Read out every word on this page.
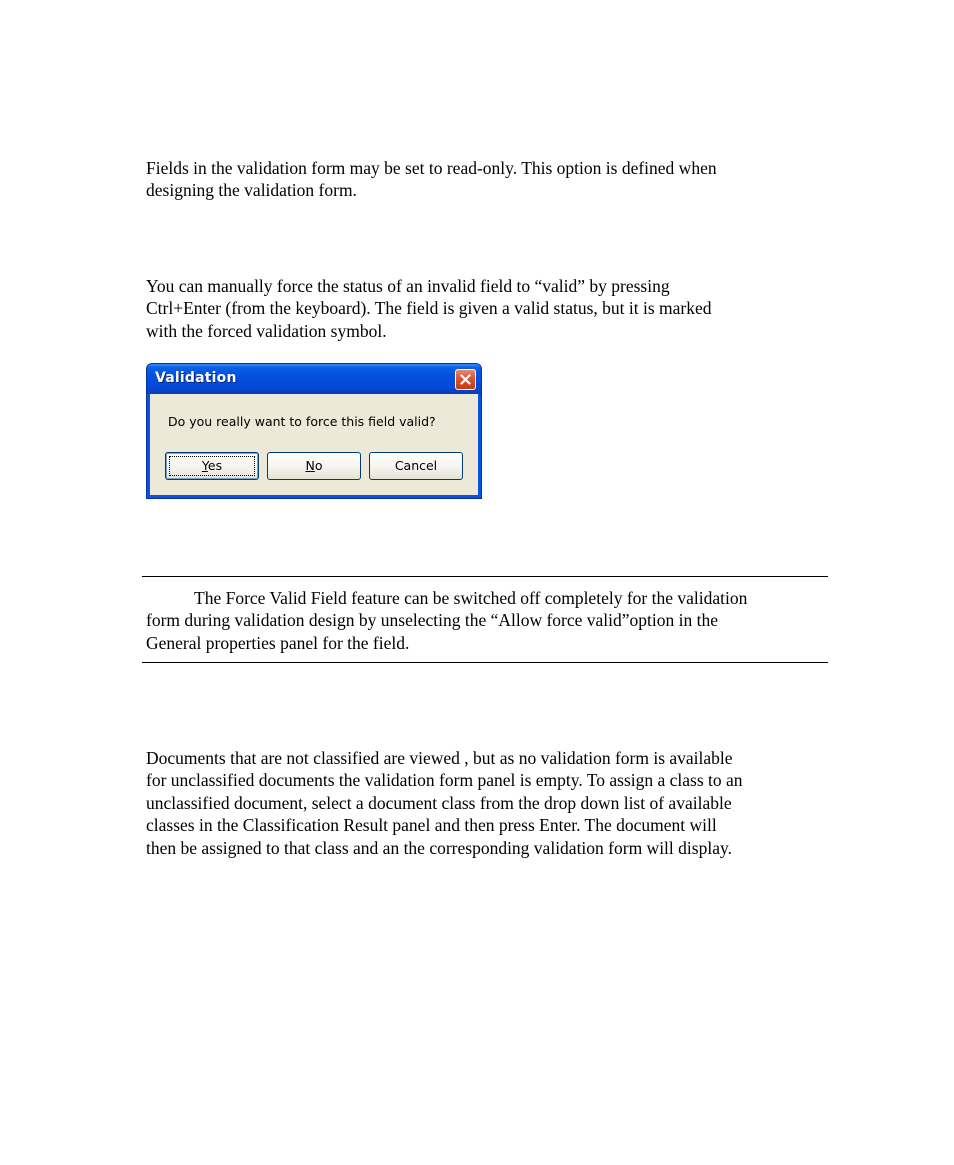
Fields in the validation form may be set to read-only. This option is defined when
designing the validation form.

You can manually force the status of an invalid field to “valid” by pressing
Ctrl+Enter (from the keyboard). The field is given a valid status, but it is marked
with the forced validation symbol.

Validation
Do you really want to force this field valid?
Yes	No	Cancel

The Force Valid Field feature can be switched off completely for the validation
form during validation design by unselecting the “Allow force valid”option in the
General properties panel for the field.

Documents that are not classified are viewed , but as no validation form is available
for unclassified documents the validation form panel is empty. To assign a class to an
unclassified document, select a document class from the drop down list of available
classes in the Classification Result panel and then press Enter. The document will
then be assigned to that class and an the corresponding validation form will display.
